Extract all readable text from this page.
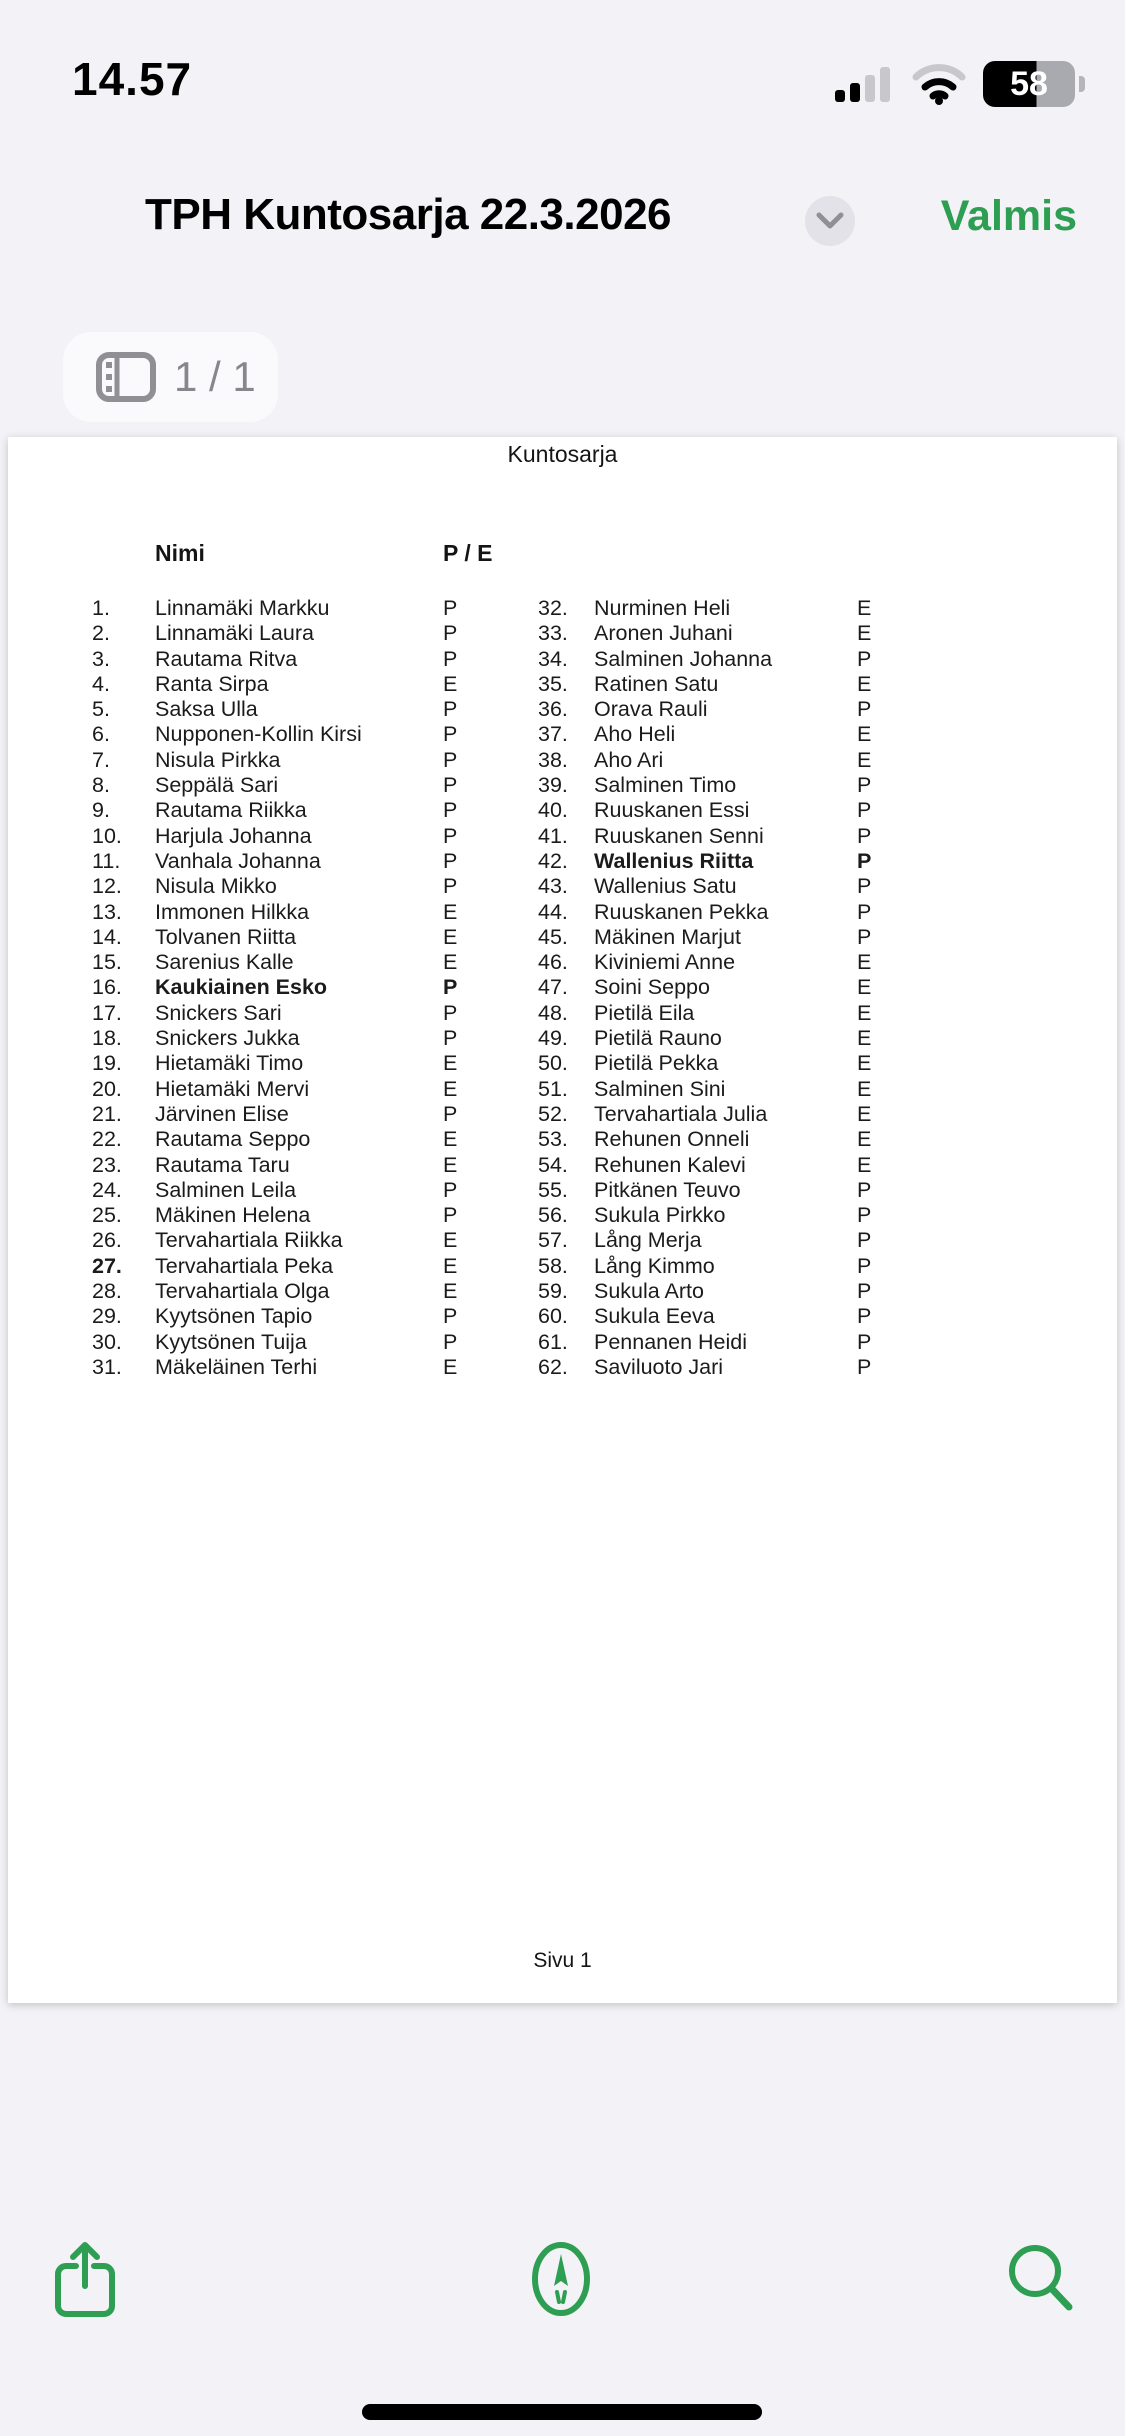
14.57	58
TPH Kuntosarja 22.3.2026	Valmis
1 / 1
Kuntosarja
Nimi	P / E
1.	Linnamäki Markku	P
2.	Linnamäki Laura	P
3.	Rautama Ritva	P
4.	Ranta Sirpa	E
5.	Saksa Ulla	P
6.	Nupponen-Kollin Kirsi	P
7.	Nisula Pirkka	P
8.	Seppälä Sari	P
9.	Rautama Riikka	P
10.	Harjula Johanna	P
11.	Vanhala Johanna	P
12.	Nisula Mikko	P
13.	Immonen Hilkka	E
14.	Tolvanen Riitta	E
15.	Sarenius Kalle	E
16.	Kaukiainen Esko	P
17.	Snickers Sari	P
18.	Snickers Jukka	P
19.	Hietamäki Timo	E
20.	Hietamäki Mervi	E
21.	Järvinen Elise	P
22.	Rautama Seppo	E
23.	Rautama Taru	E
24.	Salminen Leila	P
25.	Mäkinen Helena	P
26.	Tervahartiala Riikka	E
27.	Tervahartiala Peka	E
28.	Tervahartiala Olga	E
29.	Kyytsönen Tapio	P
30.	Kyytsönen Tuija	P
31.	Mäkeläinen Terhi	E
32.	Nurminen Heli	E
33.	Aronen Juhani	E
34.	Salminen Johanna	P
35.	Ratinen Satu	E
36.	Orava Rauli	P
37.	Aho Heli	E
38.	Aho Ari	E
39.	Salminen Timo	P
40.	Ruuskanen Essi	P
41.	Ruuskanen Senni	P
42.	Wallenius Riitta	P
43.	Wallenius Satu	P
44.	Ruuskanen Pekka	P
45.	Mäkinen Marjut	P
46.	Kiviniemi Anne	E
47.	Soini Seppo	E
48.	Pietilä Eila	E
49.	Pietilä Rauno	E
50.	Pietilä Pekka	E
51.	Salminen Sini	E
52.	Tervahartiala Julia	E
53.	Rehunen Onneli	E
54.	Rehunen Kalevi	E
55.	Pitkänen Teuvo	P
56.	Sukula Pirkko	P
57.	Lång Merja	P
58.	Lång Kimmo	P
59.	Sukula Arto	P
60.	Sukula Eeva	P
61.	Pennanen Heidi	P
62.	Saviluoto Jari	P
Sivu 1
